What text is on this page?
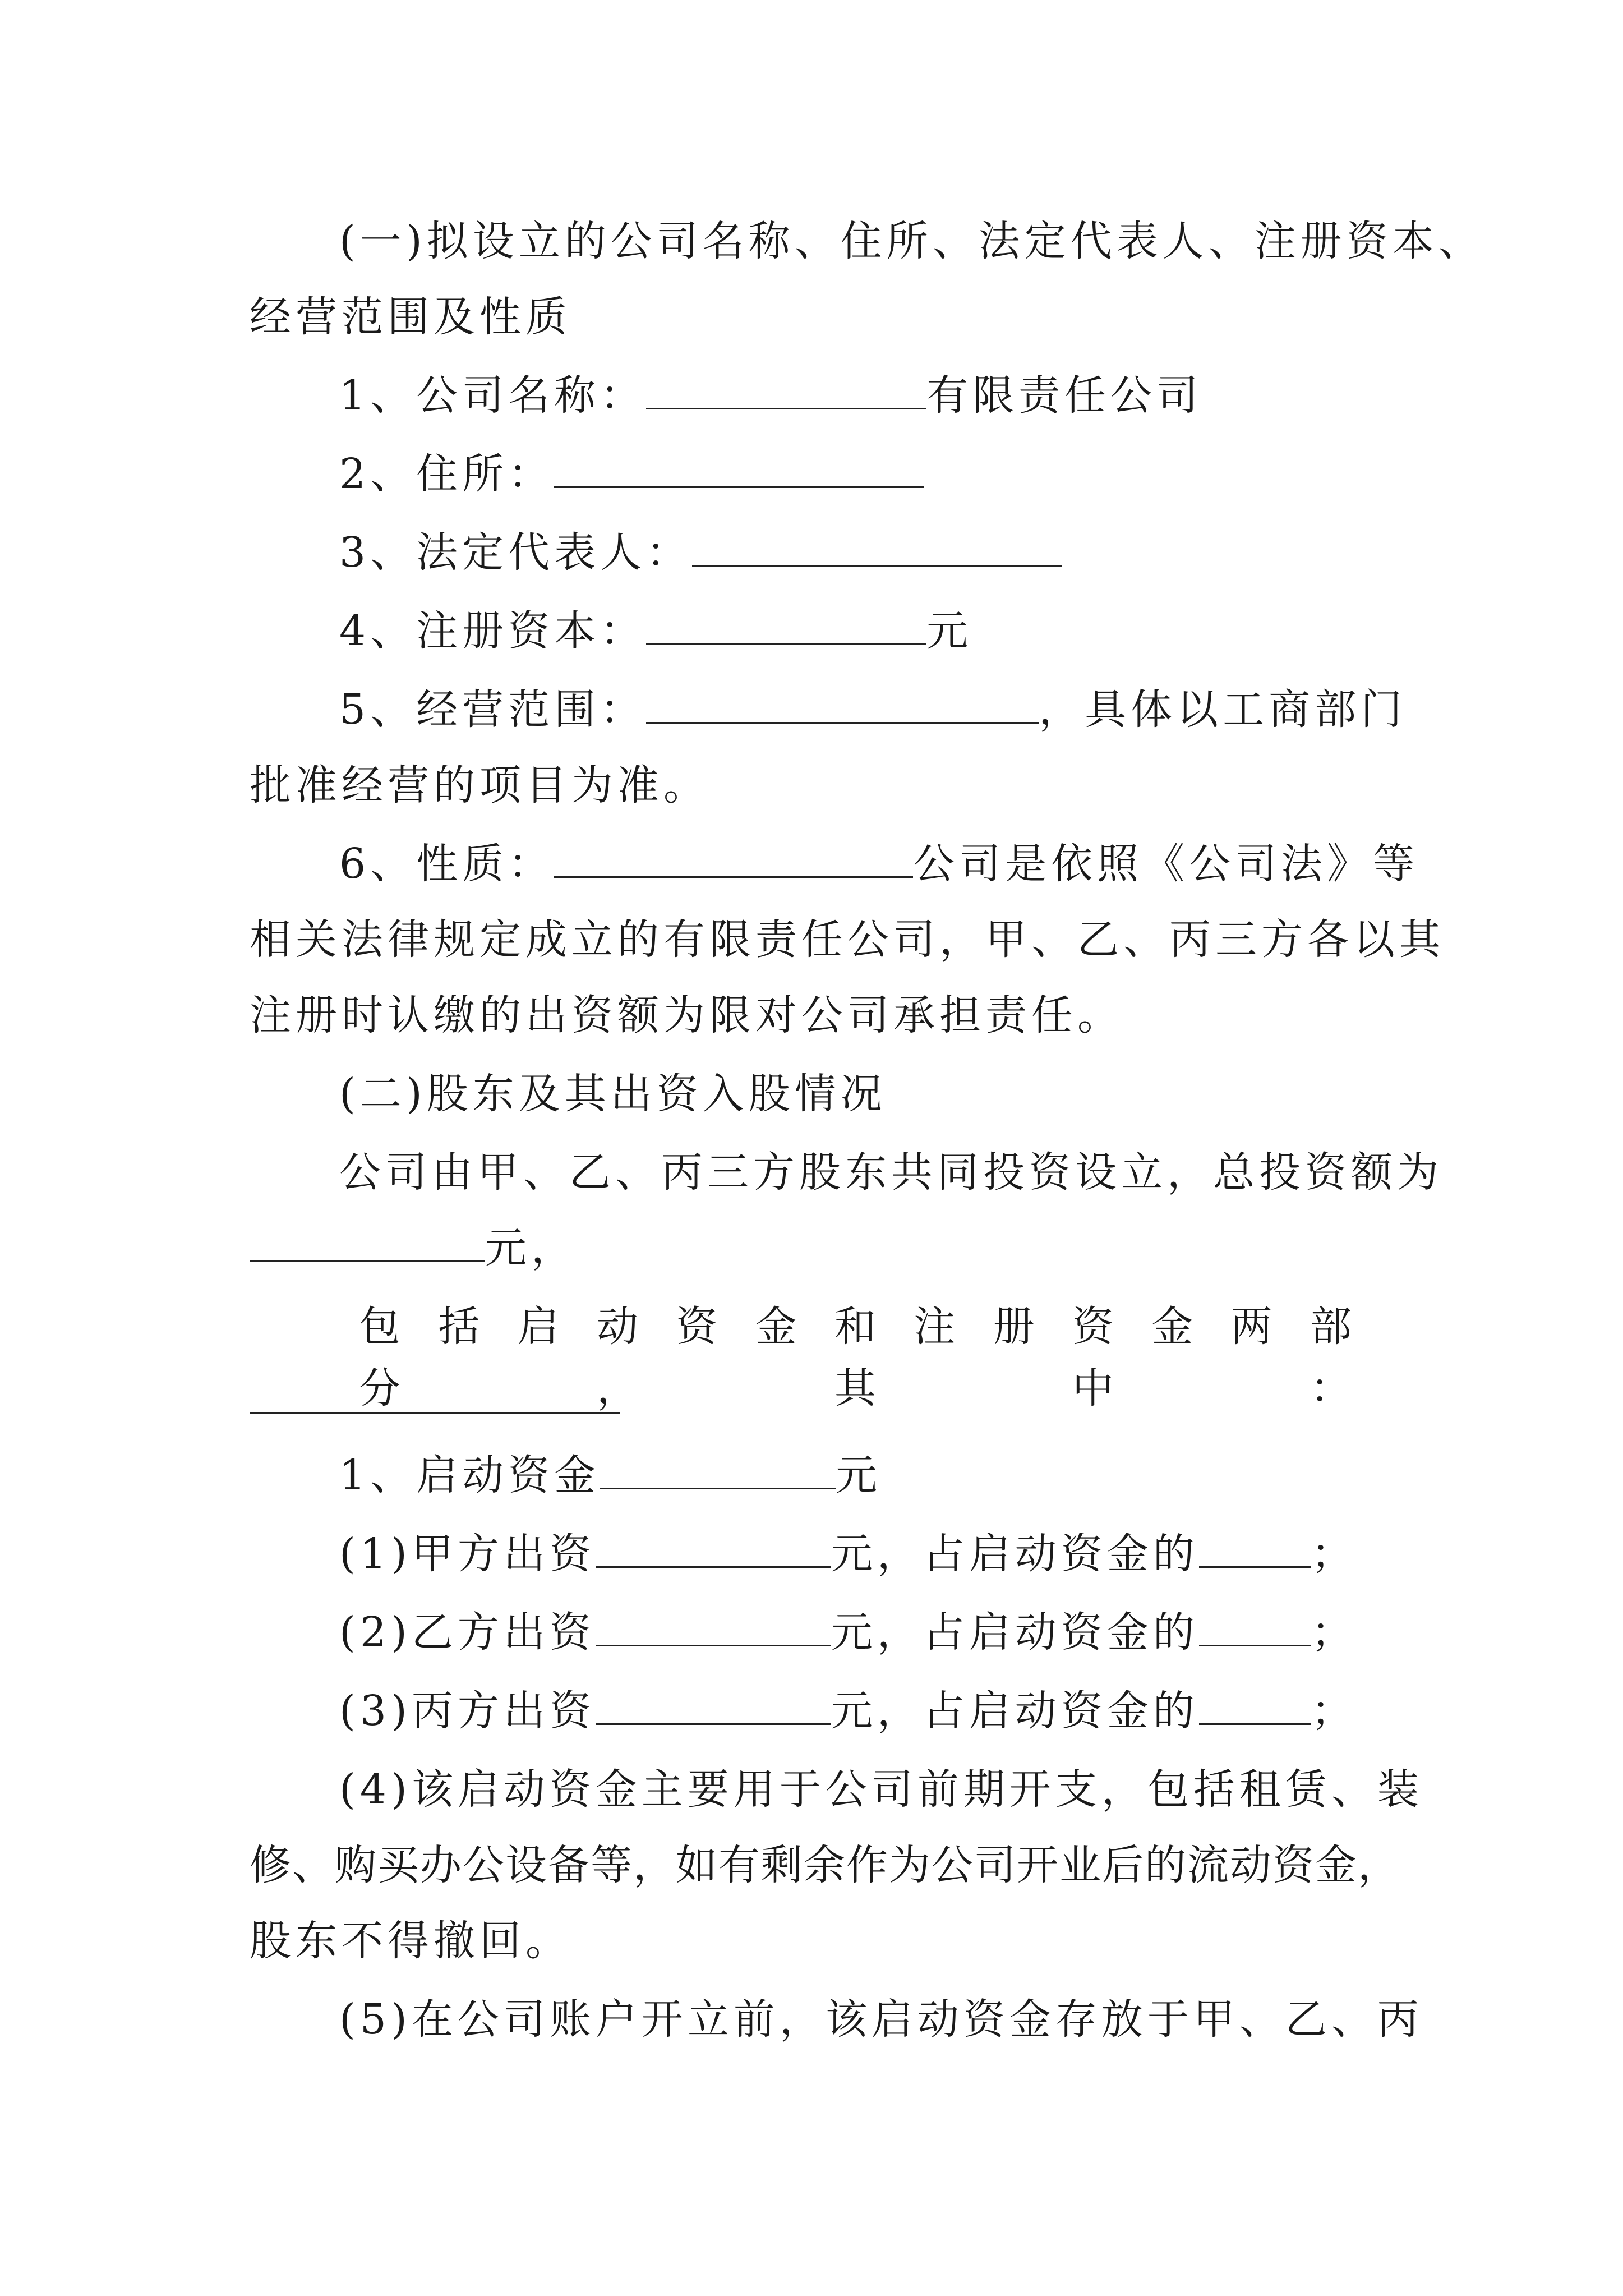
(一)拟设立的公司名称、住所、法定代表人、注册资本、
经营范围及性质
1、公司名称：	有限责任公司
2、住所：
3、法定代表人：
4、注册资本：	元
5、经营范围：	，具体以工商部门
批准经营的项目为准。
6、性质：	公司是依照《公司法》等
相关法律规定成立的有限责任公司，甲、乙、丙三方各以其
注册时认缴的出资额为限对公司承担责任。
(二)股东及其出资入股情况
公司由甲、乙、丙三方股东共同投资设立，总投资额为
元，
包括启动资金和注册资金两部分，其中：
1、启动资金	元
(1)甲方出资	元，占启动资金的	；
(2)乙方出资	元，占启动资金的	；
(3)丙方出资	元，占启动资金的	；
(4)该启动资金主要用于公司前期开支，包括租赁、装
修、购买办公设备等，如有剩余作为公司开业后的流动资金，
股东不得撤回。
(5)在公司账户开立前，该启动资金存放于甲、乙、丙
